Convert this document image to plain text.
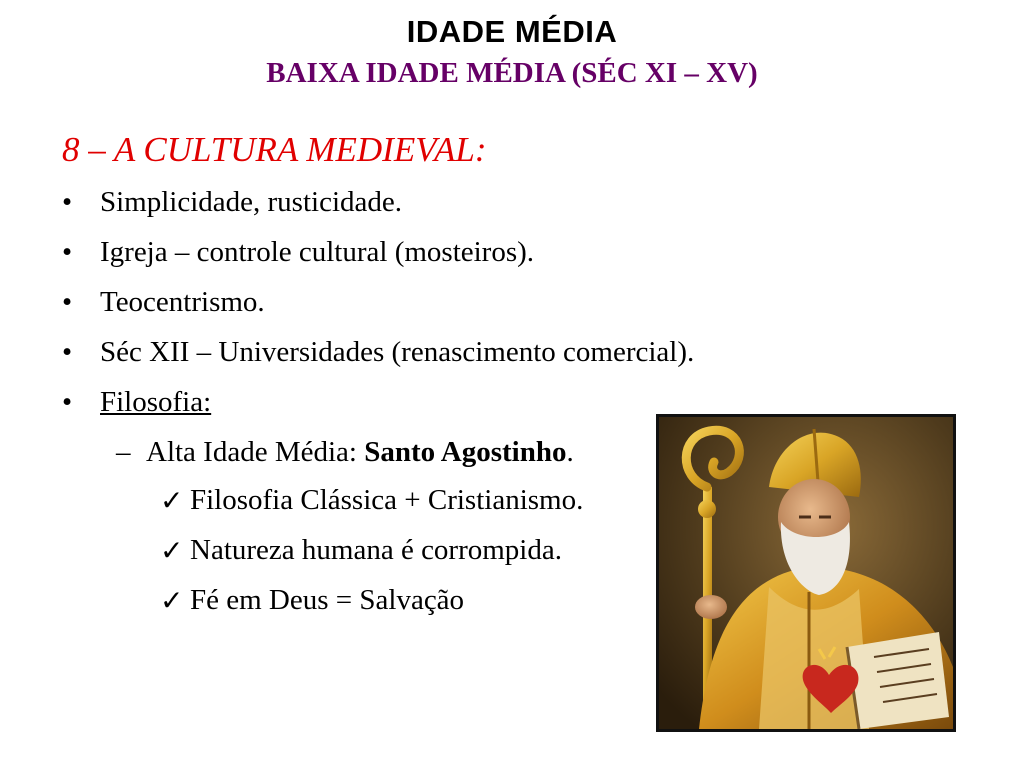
IDADE MÉDIA
BAIXA IDADE MÉDIA (SÉC XI – XV)
8 – A CULTURA MEDIEVAL:
• Simplicidade, rusticidade.
• Igreja – controle cultural (mosteiros).
• Teocentrismo.
• Séc XII – Universidades (renascimento comercial).
• Filosofia:
– Alta Idade Média: Santo Agostinho.
✓ Filosofia Clássica + Cristianismo.
✓ Natureza humana é corrompida.
✓ Fé em Deus = Salvação
